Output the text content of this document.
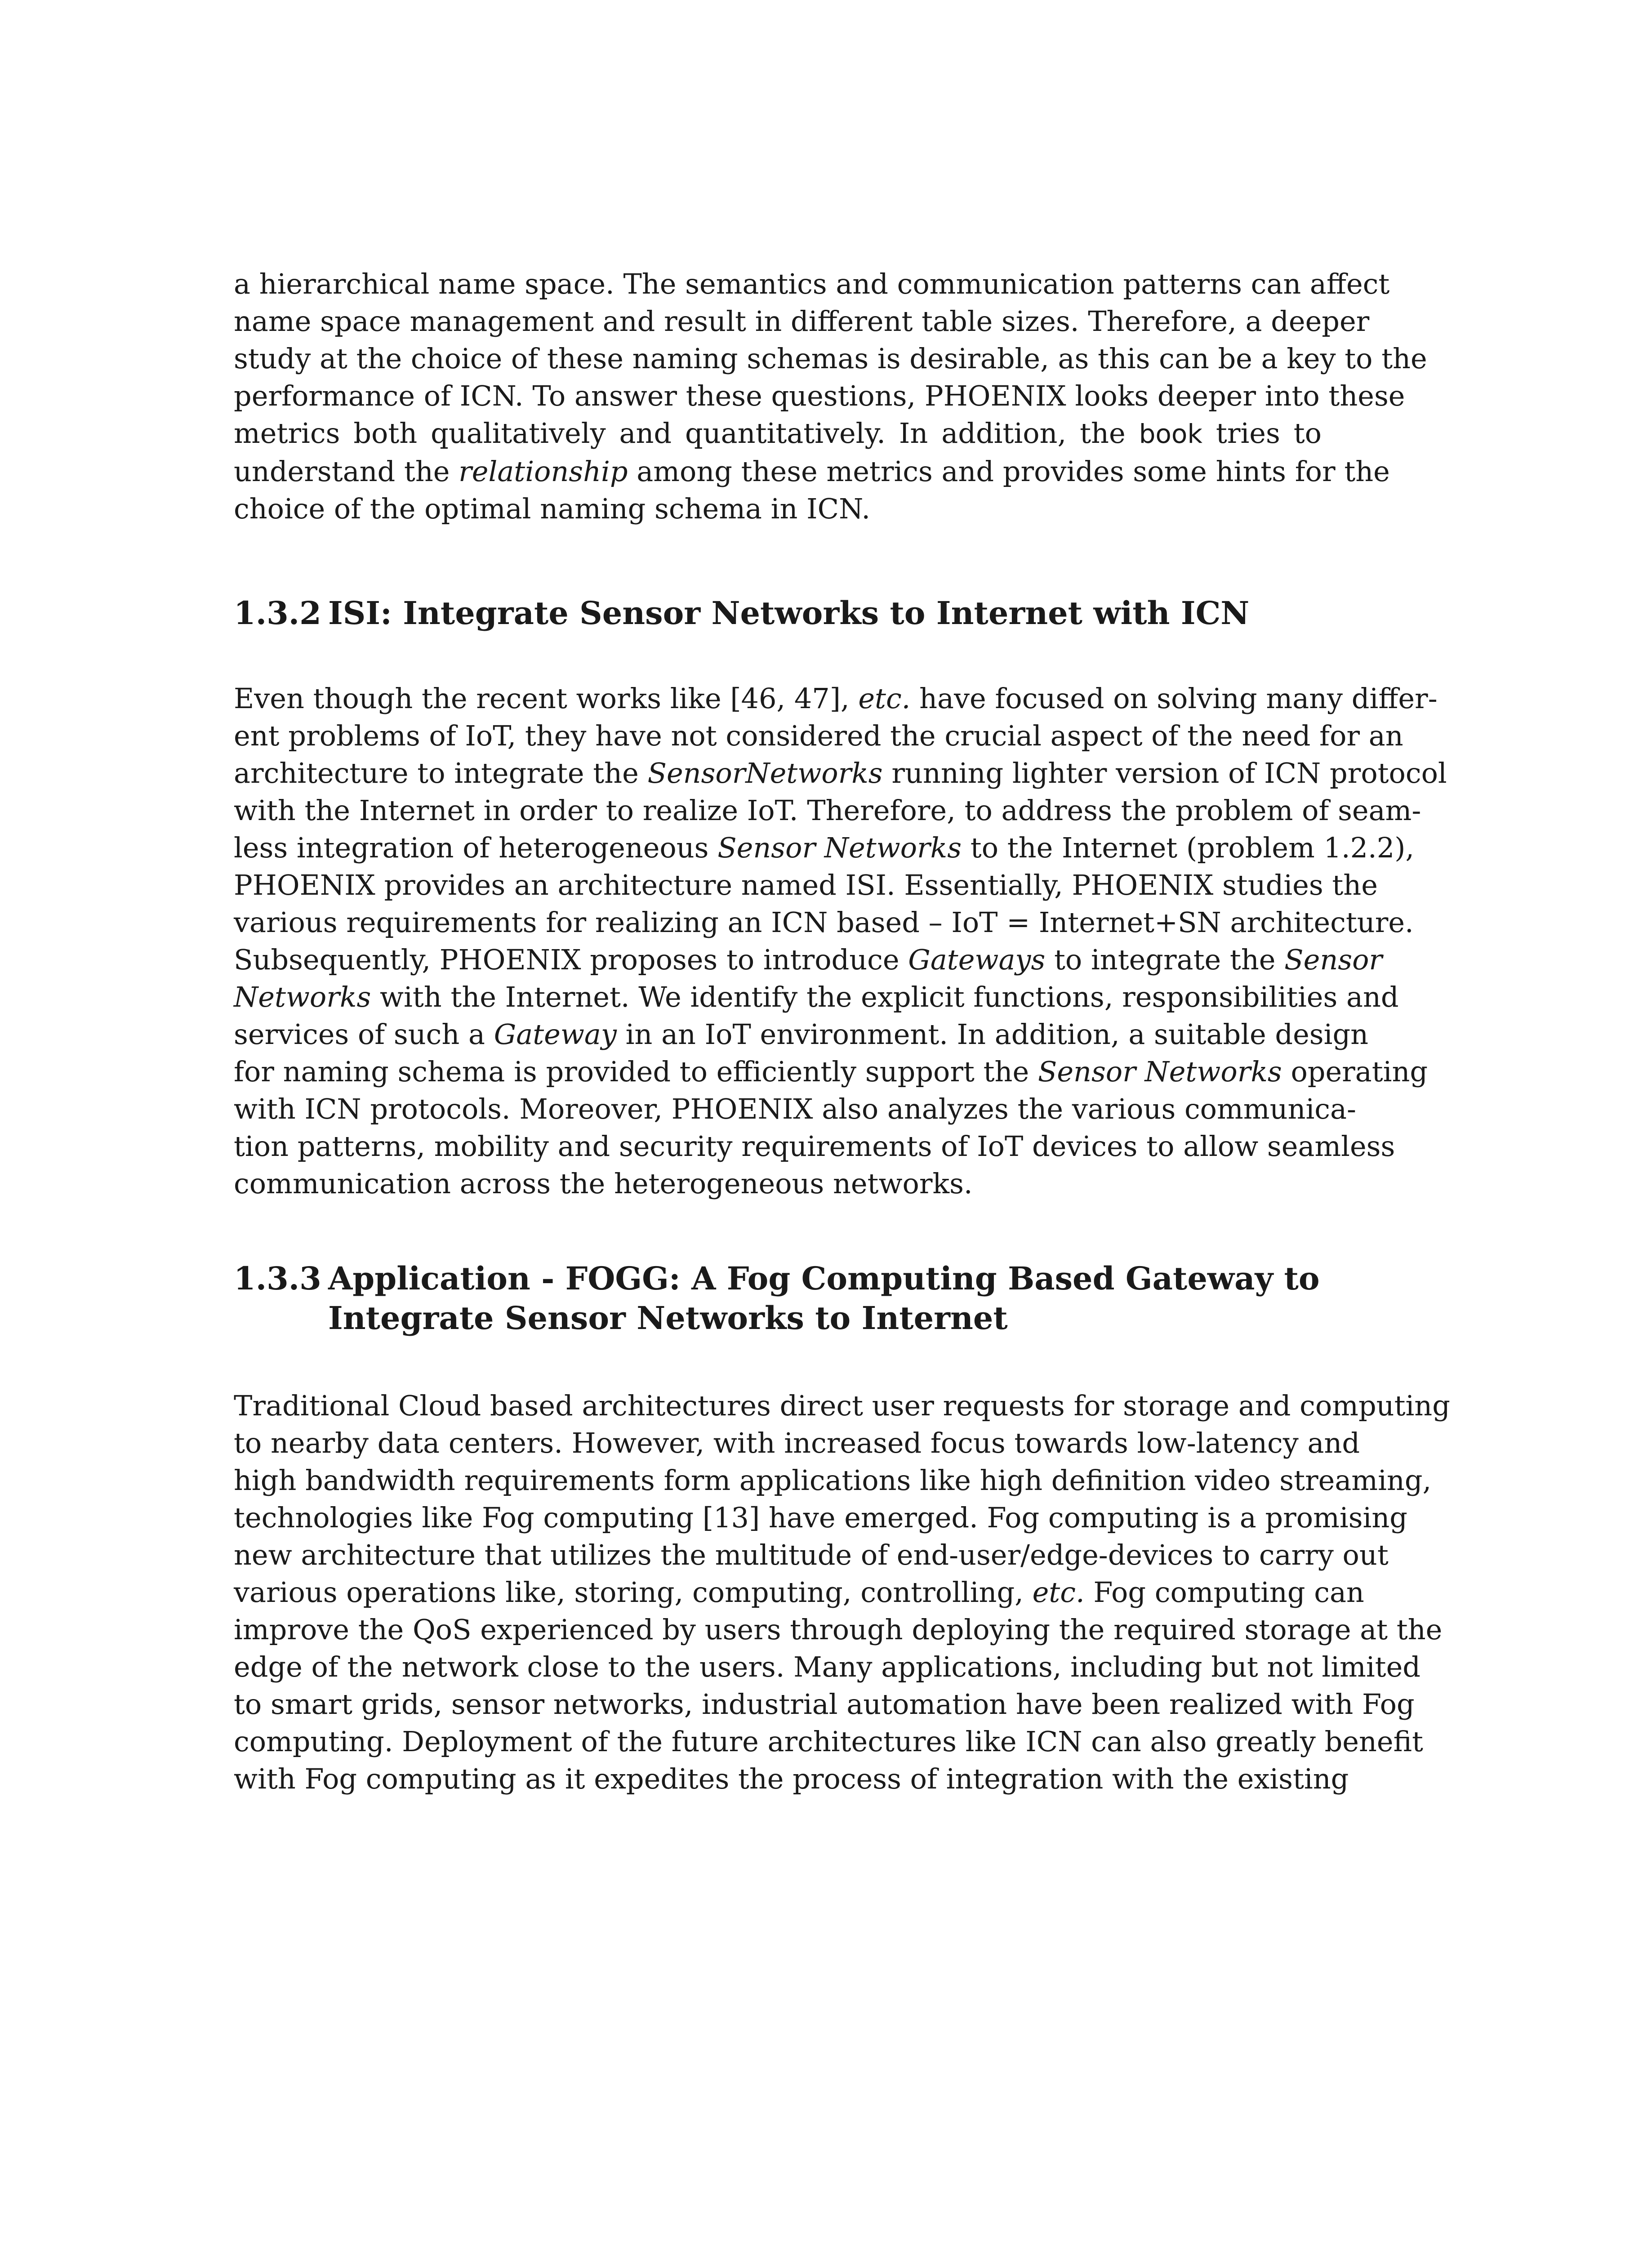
a hierarchical name space. The semantics and communication patterns can affect
name space management and result in different table sizes. Therefore, a deeper
study at the choice of these naming schemas is desirable, as this can be a key to the
performance of ICN. To answer these questions, PHOENIX looks deeper into these
metrics both qualitatively and quantitatively. In addition, the book tries to
understand the relationship among these metrics and provides some hints for the
choice of the optimal naming schema in ICN.

1.3.2 ISI: Integrate Sensor Networks to Internet with ICN

Even though the recent works like [46, 47], etc. have focused on solving many differ-
ent problems of IoT, they have not considered the crucial aspect of the need for an
architecture to integrate the SensorNetworks running lighter version of ICN protocol
with the Internet in order to realize IoT. Therefore, to address the problem of seam-
less integration of heterogeneous Sensor Networks to the Internet (problem 1.2.2),
PHOENIX provides an architecture named ISI. Essentially, PHOENIX studies the
various requirements for realizing an ICN based – IoT = Internet+SN architecture.
Subsequently, PHOENIX proposes to introduce Gateways to integrate the Sensor
Networks with the Internet. We identify the explicit functions, responsibilities and
services of such a Gateway in an IoT environment. In addition, a suitable design
for naming schema is provided to efficiently support the Sensor Networks operating
with ICN protocols. Moreover, PHOENIX also analyzes the various communica-
tion patterns, mobility and security requirements of IoT devices to allow seamless
communication across the heterogeneous networks.

1.3.3 Application - FOGG: A Fog Computing Based Gateway to
Integrate Sensor Networks to Internet

Traditional Cloud based architectures direct user requests for storage and computing
to nearby data centers. However, with increased focus towards low-latency and
high bandwidth requirements form applications like high definition video streaming,
technologies like Fog computing [13] have emerged. Fog computing is a promising
new architecture that utilizes the multitude of end-user/edge-devices to carry out
various operations like, storing, computing, controlling, etc. Fog computing can
improve the QoS experienced by users through deploying the required storage at the
edge of the network close to the users. Many applications, including but not limited
to smart grids, sensor networks, industrial automation have been realized with Fog
computing. Deployment of the future architectures like ICN can also greatly benefit
with Fog computing as it expedites the process of integration with the existing
